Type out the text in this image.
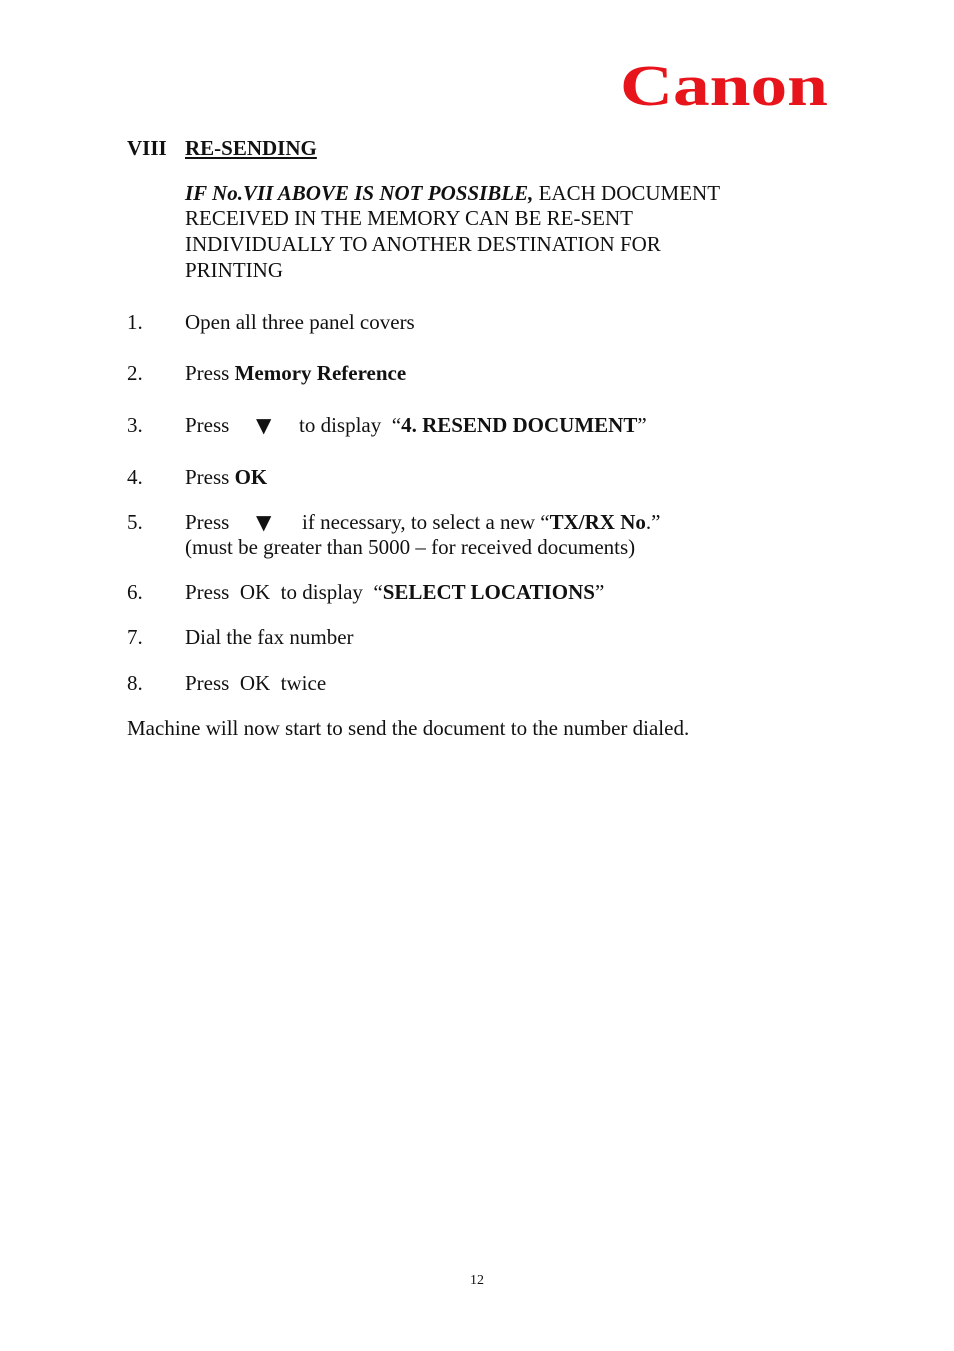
Canon
VIII RE-SENDING
IF No.VII ABOVE IS NOT POSSIBLE, EACH DOCUMENT
RECEIVED IN THE MEMORY CAN BE RE-SENT
INDIVIDUALLY TO ANOTHER DESTINATION FOR
PRINTING
1. Open all three panel covers
2. Press Memory Reference
3. Press ▼ to display  “4. RESEND DOCUMENT”
4. Press OK
5. Press ▼ if necessary, to select a new “TX/RX No.”
(must be greater than 5000 – for received documents)
6. Press  OK  to display  “SELECT LOCATIONS”
7. Dial the fax number
8. Press  OK  twice
Machine will now start to send the document to the number dialed.
12
